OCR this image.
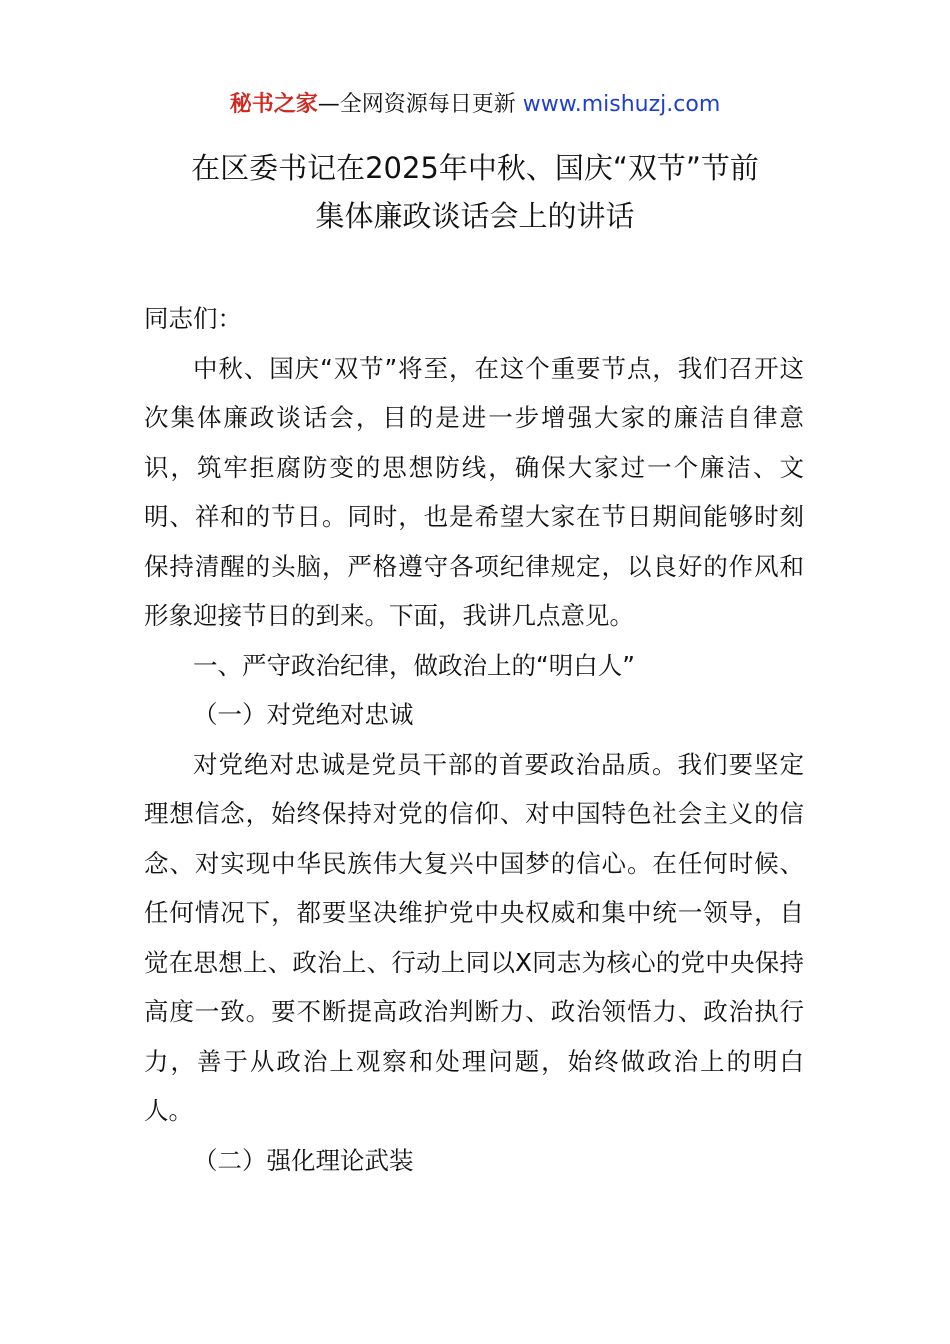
秘书之家—全网资源每日更新 www.mishuzj.com
在区委书记在2025年中秋、国庆“双节”节前
集体廉政谈话会上的讲话

同志们：

中秋、国庆“双节”将至，在这个重要节点，我们召开这次集体廉政谈话会，目的是进一步增强大家的廉洁自律意识，筑牢拒腐防变的思想防线，确保大家过一个廉洁、文明、祥和的节日。同时，也是希望大家在节日期间能够时刻保持清醒的头脑，严格遵守各项纪律规定，以良好的作风和形象迎接节日的到来。下面，我讲几点意见。

一、严守政治纪律，做政治上的“明白人”

（一）对党绝对忠诚

对党绝对忠诚是党员干部的首要政治品质。我们要坚定理想信念，始终保持对党的信仰、对中国特色社会主义的信念、对实现中华民族伟大复兴中国梦的信心。在任何时候、任何情况下，都要坚决维护党中央权威和集中统一领导，自觉在思想上、政治上、行动上同以X同志为核心的党中央保持高度一致。要不断提高政治判断力、政治领悟力、政治执行力，善于从政治上观察和处理问题，始终做政治上的明白人。

（二）强化理论武装
